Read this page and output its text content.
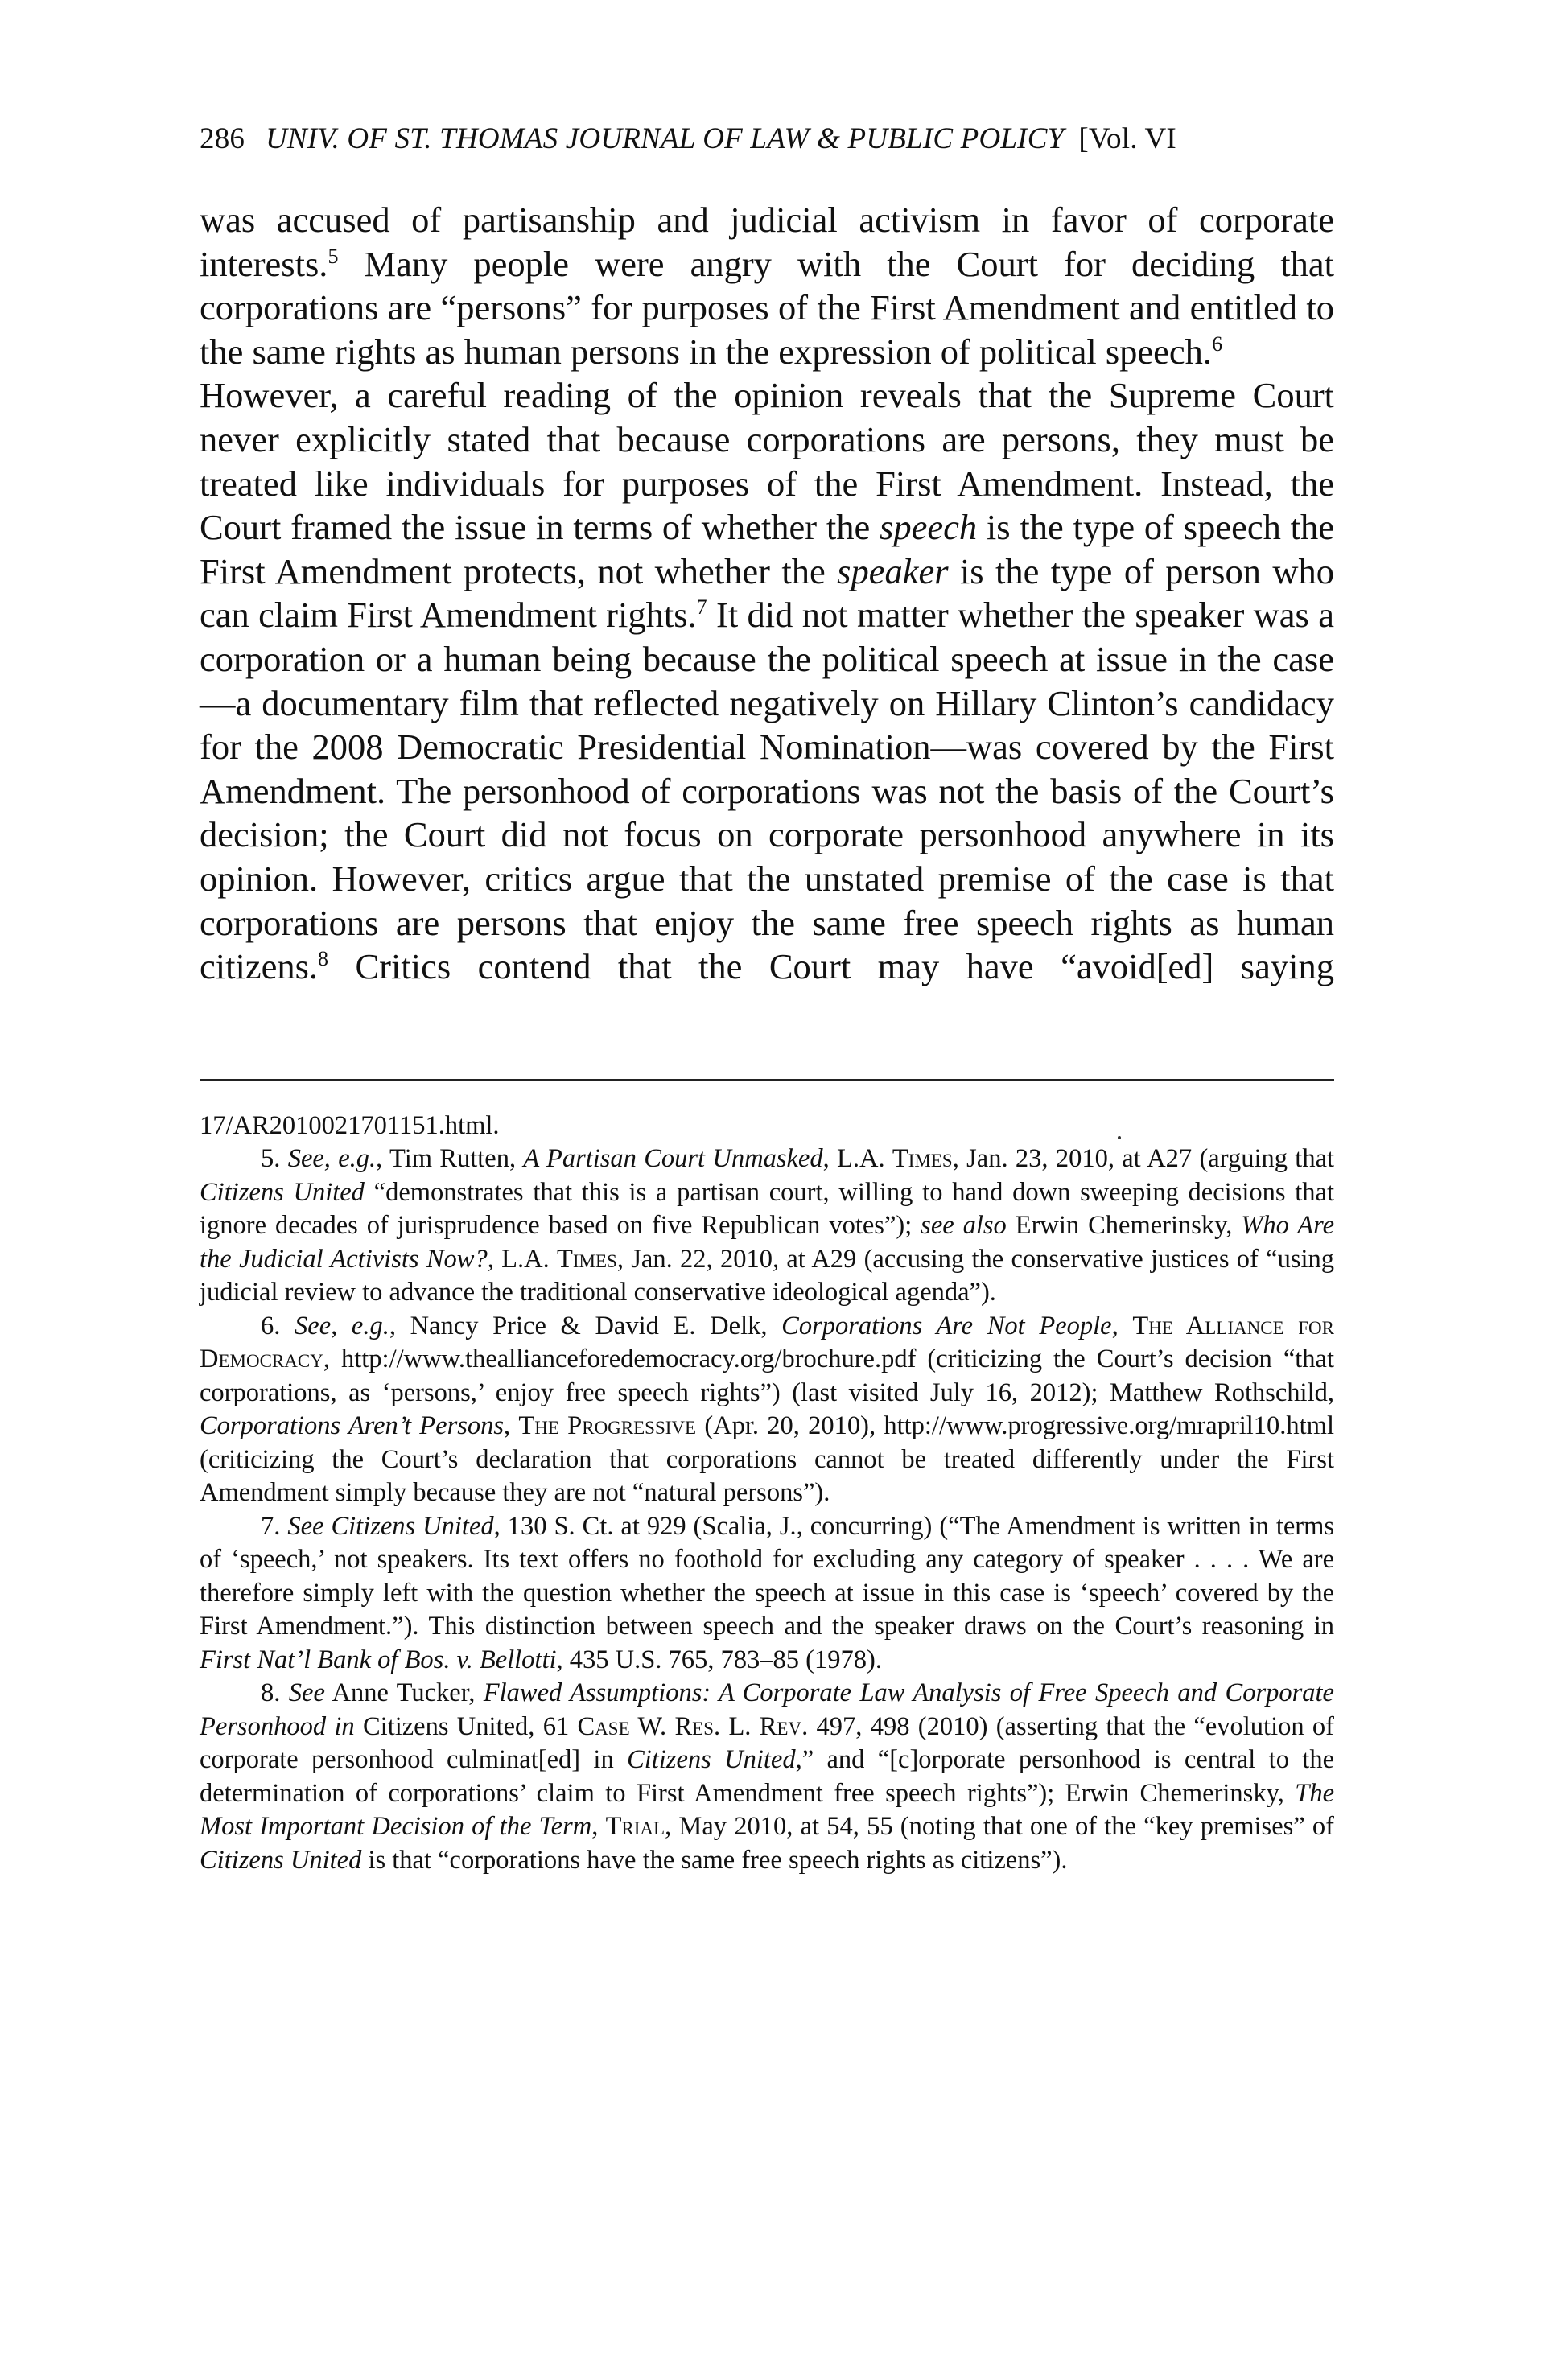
286 UNIV. OF ST. THOMAS JOURNAL OF LAW & PUBLIC POLICY [Vol. VI

was accused of partisanship and judicial activism in favor of corporate interests.$^5$ Many people were angry with the Court for deciding that corporations are “persons” for purposes of the First Amendment and entitled to the same rights as human persons in the expression of political speech.$^6$

However, a careful reading of the opinion reveals that the Supreme Court never explicitly stated that because corporations are persons, they must be treated like individuals for purposes of the First Amendment. Instead, the Court framed the issue in terms of whether the speech is the type of speech the First Amendment protects, not whether the speaker is the type of person who can claim First Amendment rights.$^7$ It did not matter whether the speaker was a corporation or a human being because the political speech at issue in the case—a documentary film that reflected negatively on Hillary Clinton’s candidacy for the 2008 Democratic Presidential Nomination—was covered by the First Amendment. The personhood of corporations was not the basis of the Court’s decision; the Court did not focus on corporate personhood anywhere in its opinion. However, critics argue that the unstated premise of the case is that corporations are persons that enjoy the same free speech rights as human citizens.$^8$ Critics contend that the Court may have “avoid[ed] saying

17/AR2010021701151.html.

5. See, e.g., Tim Rutten, A Partisan Court Unmasked, L.A. Times, Jan. 23, 2010, at A27 (arguing that Citizens United “demonstrates that this is a partisan court, willing to hand down sweeping decisions that ignore decades of jurisprudence based on five Republican votes”); see also Erwin Chemerinsky, Who Are the Judicial Activists Now?, L.A. Times, Jan. 22, 2010, at A29 (accusing the conservative justices of “using judicial review to advance the traditional conservative ideological agenda”).

6. See, e.g., Nancy Price & David E. Delk, Corporations Are Not People, The Alliance for Democracy, http://www.theallianceforedemocracy.org/brochure.pdf (criticizing the Court’s decision “that corporations, as ‘persons,’ enjoy free speech rights”) (last visited July 16, 2012); Matthew Rothschild, Corporations Aren’t Persons, The Progressive (Apr. 20, 2010), http://www.progressive.org/mrapril10.html (criticizing the Court’s declaration that corporations cannot be treated differently under the First Amendment simply because they are not “natural persons”).

7. See Citizens United, 130 S. Ct. at 929 (Scalia, J., concurring) (“The Amendment is written in terms of ‘speech,’ not speakers. Its text offers no foothold for excluding any category of speaker . . . . We are therefore simply left with the question whether the speech at issue in this case is ‘speech’ covered by the First Amendment.”). This distinction between speech and the speaker draws on the Court’s reasoning in First Nat’l Bank of Bos. v. Bellotti, 435 U.S. 765, 783–85 (1978).

8. See Anne Tucker, Flawed Assumptions: A Corporate Law Analysis of Free Speech and Corporate Personhood in Citizens United, 61 Case W. Res. L. Rev. 497, 498 (2010) (asserting that the “evolution of corporate personhood culminat[ed] in Citizens United,” and “[c]orporate personhood is central to the determination of corporations’ claim to First Amendment free speech rights”); Erwin Chemerinsky, The Most Important Decision of the Term, Trial, May 2010, at 54, 55 (noting that one of the “key premises” of Citizens United is that “corporations have the same free speech rights as citizens”).
